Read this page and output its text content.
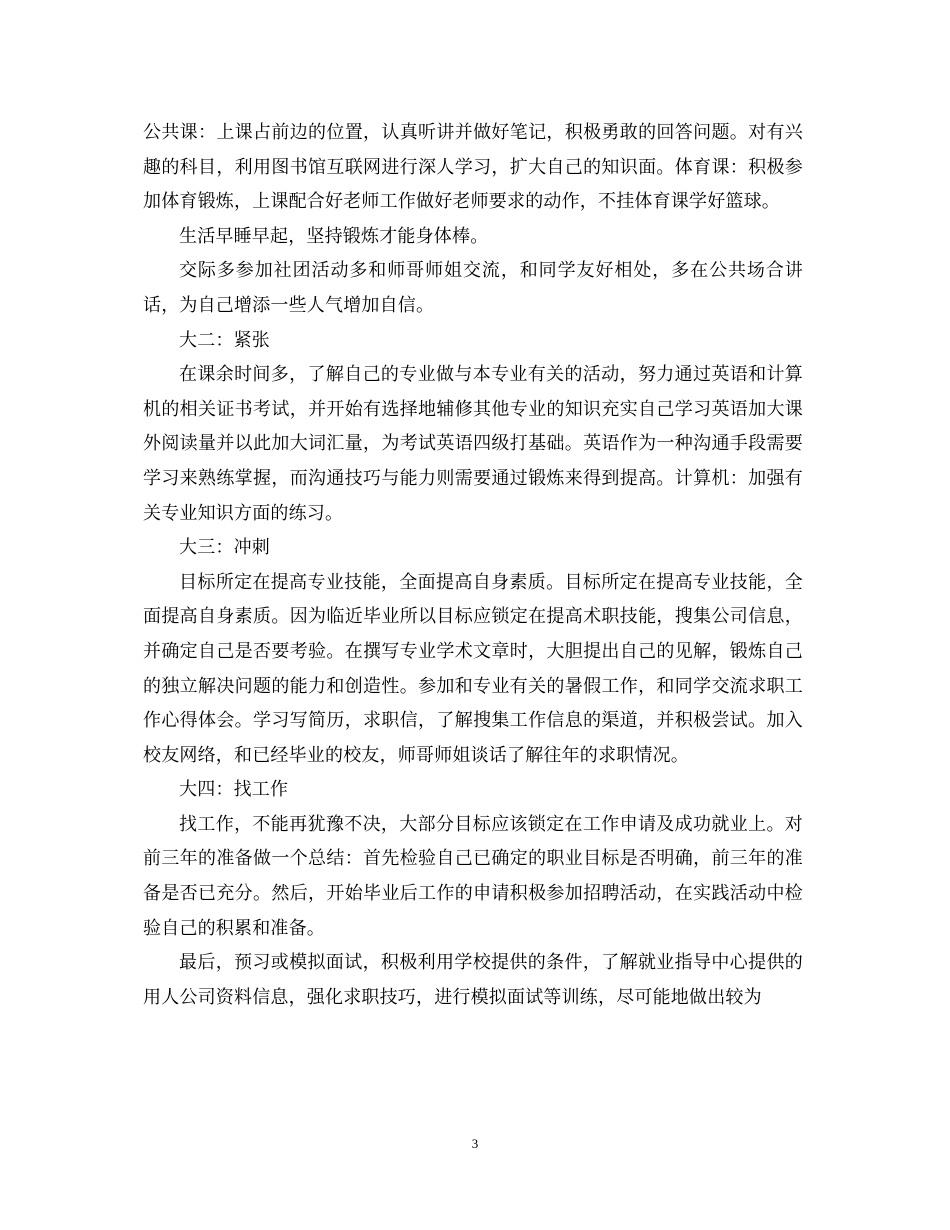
公共课：上课占前边的位置，认真听讲并做好笔记，积极勇敢的回答问题。对有兴趣的科目，利用图书馆互联网进行深人学习，扩大自己的知识面。体育课：积极参加体育锻炼，上课配合好老师工作做好老师要求的动作，不挂体育课学好篮球。

生活早睡早起，坚持锻炼才能身体棒。

交际多参加社团活动多和师哥师姐交流，和同学友好相处，多在公共场合讲话，为自己增添一些人气增加自信。

大二：紧张

在课余时间多，了解自己的专业做与本专业有关的活动，努力通过英语和计算机的相关证书考试，并开始有选择地辅修其他专业的知识充实自己学习英语加大课外阅读量并以此加大词汇量，为考试英语四级打基础。英语作为一种沟通手段需要学习来熟练掌握，而沟通技巧与能力则需要通过锻炼来得到提高。计算机：加强有关专业知识方面的练习。

大三：冲刺

目标所定在提高专业技能，全面提高自身素质。目标所定在提高专业技能，全面提高自身素质。因为临近毕业所以目标应锁定在提高术职技能，搜集公司信息，并确定自己是否要考验。在撰写专业学术文章时，大胆提出自己的见解，锻炼自己的独立解决问题的能力和创造性。参加和专业有关的暑假工作，和同学交流求职工作心得体会。学习写简历，求职信，了解搜集工作信息的渠道，并积极尝试。加入校友网络，和已经毕业的校友，师哥师姐谈话了解往年的求职情况。

大四：找工作

找工作，不能再犹豫不决，大部分目标应该锁定在工作申请及成功就业上。对前三年的准备做一个总结：首先检验自己已确定的职业目标是否明确，前三年的准备是否已充分。然后，开始毕业后工作的申请积极参加招聘活动，在实践活动中检验自己的积累和准备。

最后，预习或模拟面试，积极利用学校提供的条件，了解就业指导中心提供的用人公司资料信息，强化求职技巧，进行模拟面试等训练，尽可能地做出较为

3
